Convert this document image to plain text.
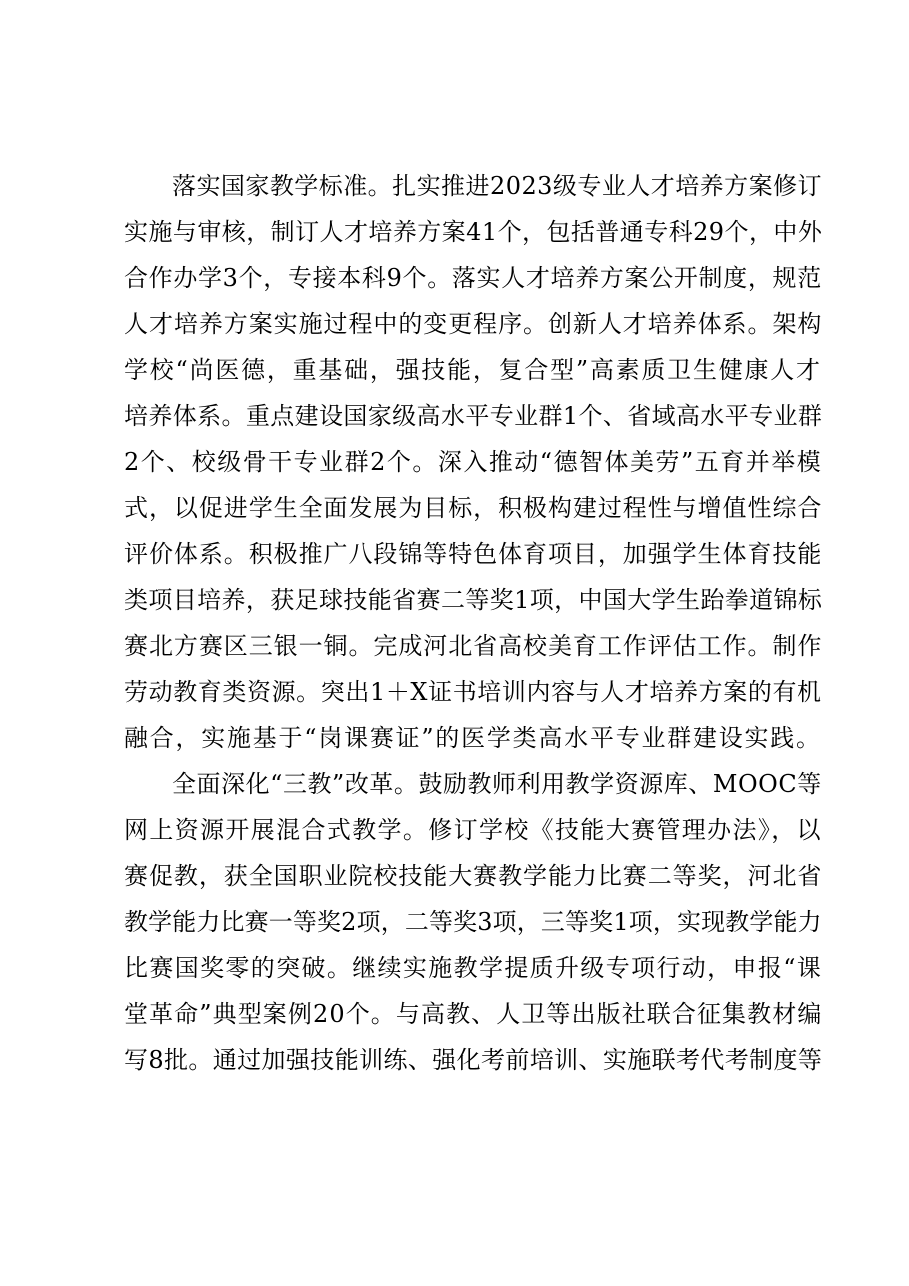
落实国家教学标准。扎实推进2023级专业人才培养方案修订
实施与审核，制订人才培养方案41个，包括普通专科29个，中外
合作办学3个，专接本科9个。落实人才培养方案公开制度，规范
人才培养方案实施过程中的变更程序。创新人才培养体系。架构
学校“尚医德，重基础，强技能，复合型”高素质卫生健康人才
培养体系。重点建设国家级高水平专业群1个、省域高水平专业群
2个、校级骨干专业群2个。深入推动“德智体美劳”五育并举模
式，以促进学生全面发展为目标，积极构建过程性与增值性综合
评价体系。积极推广八段锦等特色体育项目，加强学生体育技能
类项目培养，获足球技能省赛二等奖1项，中国大学生跆拳道锦标
赛北方赛区三银一铜。完成河北省高校美育工作评估工作。制作
劳动教育类资源。突出1＋X证书培训内容与人才培养方案的有机
融合，实施基于“岗课赛证”的医学类高水平专业群建设实践。
全面深化“三教”改革。鼓励教师利用教学资源库、MOOC等
网上资源开展混合式教学。修订学校《技能大赛管理办法》，以
赛促教，获全国职业院校技能大赛教学能力比赛二等奖，河北省
教学能力比赛一等奖2项，二等奖3项，三等奖1项，实现教学能力
比赛国奖零的突破。继续实施教学提质升级专项行动，申报“课
堂革命”典型案例20个。与高教、人卫等出版社联合征集教材编
写8批。通过加强技能训练、强化考前培训、实施联考代考制度等
